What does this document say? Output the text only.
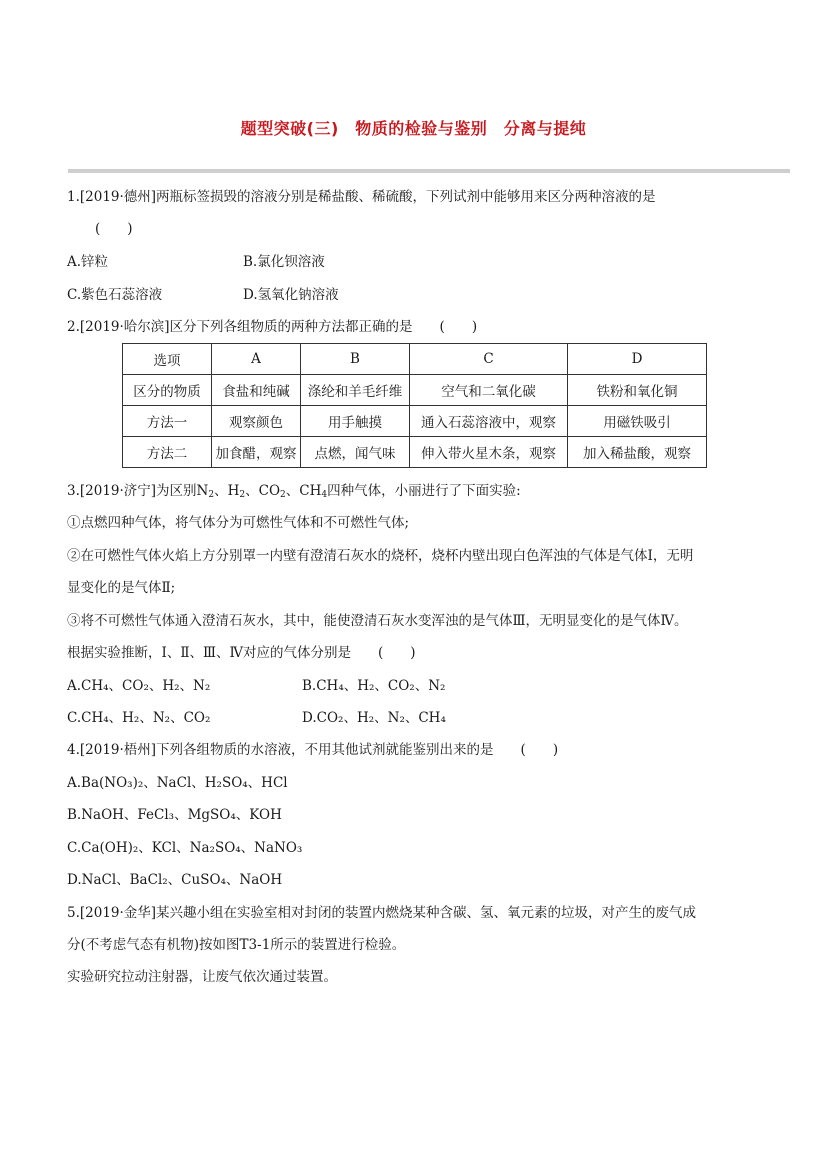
题型突破(三)　物质的检验与鉴别　分离与提纯
1.[2019·德州]两瓶标签损毁的溶液分别是稀盐酸、稀硫酸，下列试剂中能够用来区分两种溶液的是
(　　)
A.锌粒	B.氯化钡溶液
C.紫色石蕊溶液	D.氢氧化钠溶液
2.[2019·哈尔滨]区分下列各组物质的两种方法都正确的是　　(　　)
选项	A	B	C	D
区分的物质	食盐和纯碱	涤纶和羊毛纤维	空气和二氧化碳	铁粉和氧化铜
方法一	观察颜色	用手触摸	通入石蕊溶液中，观察	用磁铁吸引
方法二	加食醋，观察	点燃，闻气味	伸入带火星木条，观察	加入稀盐酸，观察
3.[2019·济宁]为区别$N_2$、$H_2$、$CO_2$、$CH_4$四种气体，小丽进行了下面实验:
①点燃四种气体，将气体分为可燃性气体和不可燃性气体;
②在可燃性气体火焰上方分别罩一内壁有澄清石灰水的烧杯，烧杯内壁出现白色浑浊的气体是气体Ⅰ，无明
显变化的是气体Ⅱ;
③将不可燃性气体通入澄清石灰水，其中，能使澄清石灰水变浑浊的是气体Ⅲ，无明显变化的是气体Ⅳ。
根据实验推断，Ⅰ、Ⅱ、Ⅲ、Ⅳ对应的气体分别是　　(　　)
A.CH₄、CO₂、H₂、N₂	B.CH₄、H₂、CO₂、N₂
C.CH₄、H₂、N₂、CO₂	D.CO₂、H₂、N₂、CH₄
4.[2019·梧州]下列各组物质的水溶液，不用其他试剂就能鉴别出来的是　　(　　)
A.Ba(NO₃)₂、NaCl、H₂SO₄、HCl
B.NaOH、FeCl₃、MgSO₄、KOH
C.Ca(OH)₂、KCl、Na₂SO₄、NaNO₃
D.NaCl、BaCl₂、CuSO₄、NaOH
5.[2019·金华]某兴趣小组在实验室相对封闭的装置内燃烧某种含碳、氢、氧元素的垃圾，对产生的废气成
分(不考虑气态有机物)按如图T3-1所示的装置进行检验。
实验研究拉动注射器，让废气依次通过装置。
